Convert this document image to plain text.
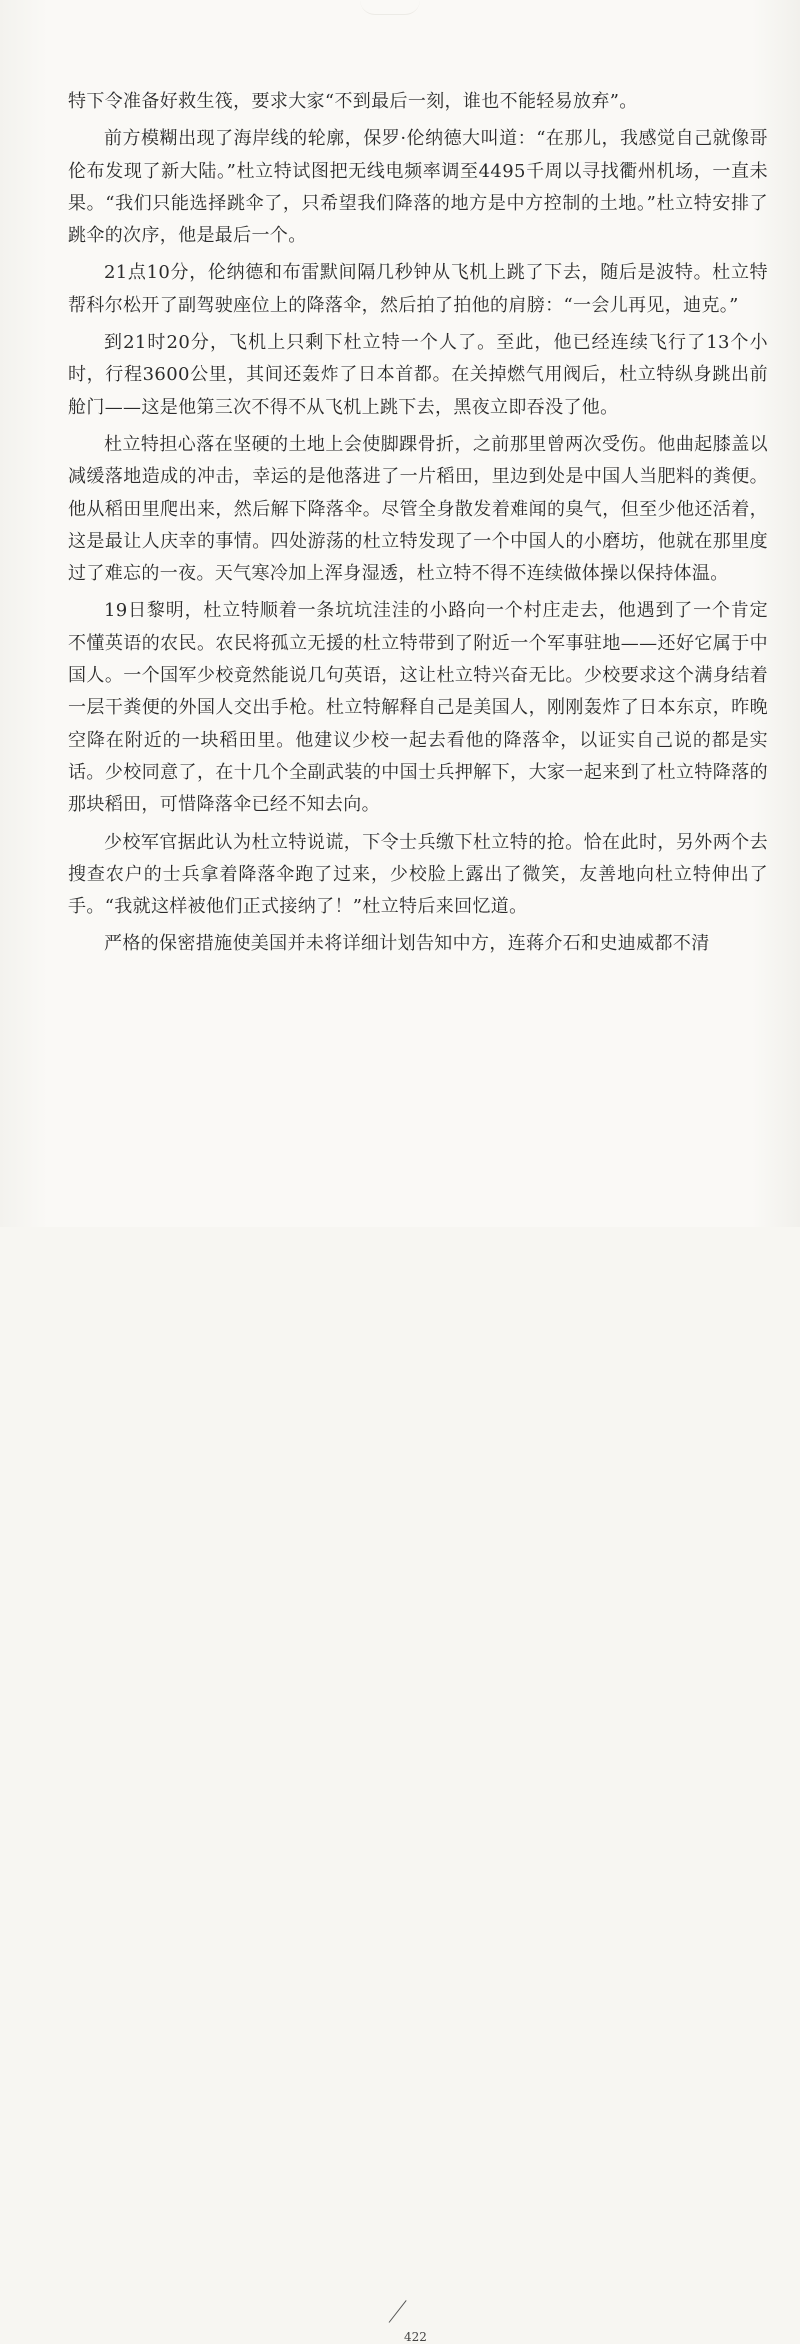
特下令准备好救生筏，要求大家“不到最后一刻，谁也不能轻易放弃”。

前方模糊出现了海岸线的轮廓，保罗·伦纳德大叫道：“在那儿，我感觉自己就像哥伦布发现了新大陆。”杜立特试图把无线电频率调至4495千周以寻找衢州机场，一直未果。“我们只能选择跳伞了，只希望我们降落的地方是中方控制的土地。”杜立特安排了跳伞的次序，他是最后一个。

21点10分，伦纳德和布雷默间隔几秒钟从飞机上跳了下去，随后是波特。杜立特帮科尔松开了副驾驶座位上的降落伞，然后拍了拍他的肩膀：“一会儿再见，迪克。”

到21时20分，飞机上只剩下杜立特一个人了。至此，他已经连续飞行了13个小时，行程3600公里，其间还轰炸了日本首都。在关掉燃气用阀后，杜立特纵身跳出前舱门——这是他第三次不得不从飞机上跳下去，黑夜立即吞没了他。

杜立特担心落在坚硬的土地上会使脚踝骨折，之前那里曾两次受伤。他曲起膝盖以减缓落地造成的冲击，幸运的是他落进了一片稻田，里边到处是中国人当肥料的粪便。他从稻田里爬出来，然后解下降落伞。尽管全身散发着难闻的臭气，但至少他还活着，这是最让人庆幸的事情。四处游荡的杜立特发现了一个中国人的小磨坊，他就在那里度过了难忘的一夜。天气寒冷加上浑身湿透，杜立特不得不连续做体操以保持体温。

19日黎明，杜立特顺着一条坑坑洼洼的小路向一个村庄走去，他遇到了一个肯定不懂英语的农民。农民将孤立无援的杜立特带到了附近一个军事驻地——还好它属于中国人。一个国军少校竟然能说几句英语，这让杜立特兴奋无比。少校要求这个满身结着一层干粪便的外国人交出手枪。杜立特解释自己是美国人，刚刚轰炸了日本东京，昨晚空降在附近的一块稻田里。他建议少校一起去看他的降落伞，以证实自己说的都是实话。少校同意了，在十几个全副武装的中国士兵押解下，大家一起来到了杜立特降落的那块稻田，可惜降落伞已经不知去向。

少校军官据此认为杜立特说谎，下令士兵缴下杜立特的抢。恰在此时，另外两个去搜查农户的士兵拿着降落伞跑了过来，少校脸上露出了微笑，友善地向杜立特伸出了手。“我就这样被他们正式接纳了！”杜立特后来回忆道。

严格的保密措施使美国并未将详细计划告知中方，连蒋介石和史迪威都不清

422
